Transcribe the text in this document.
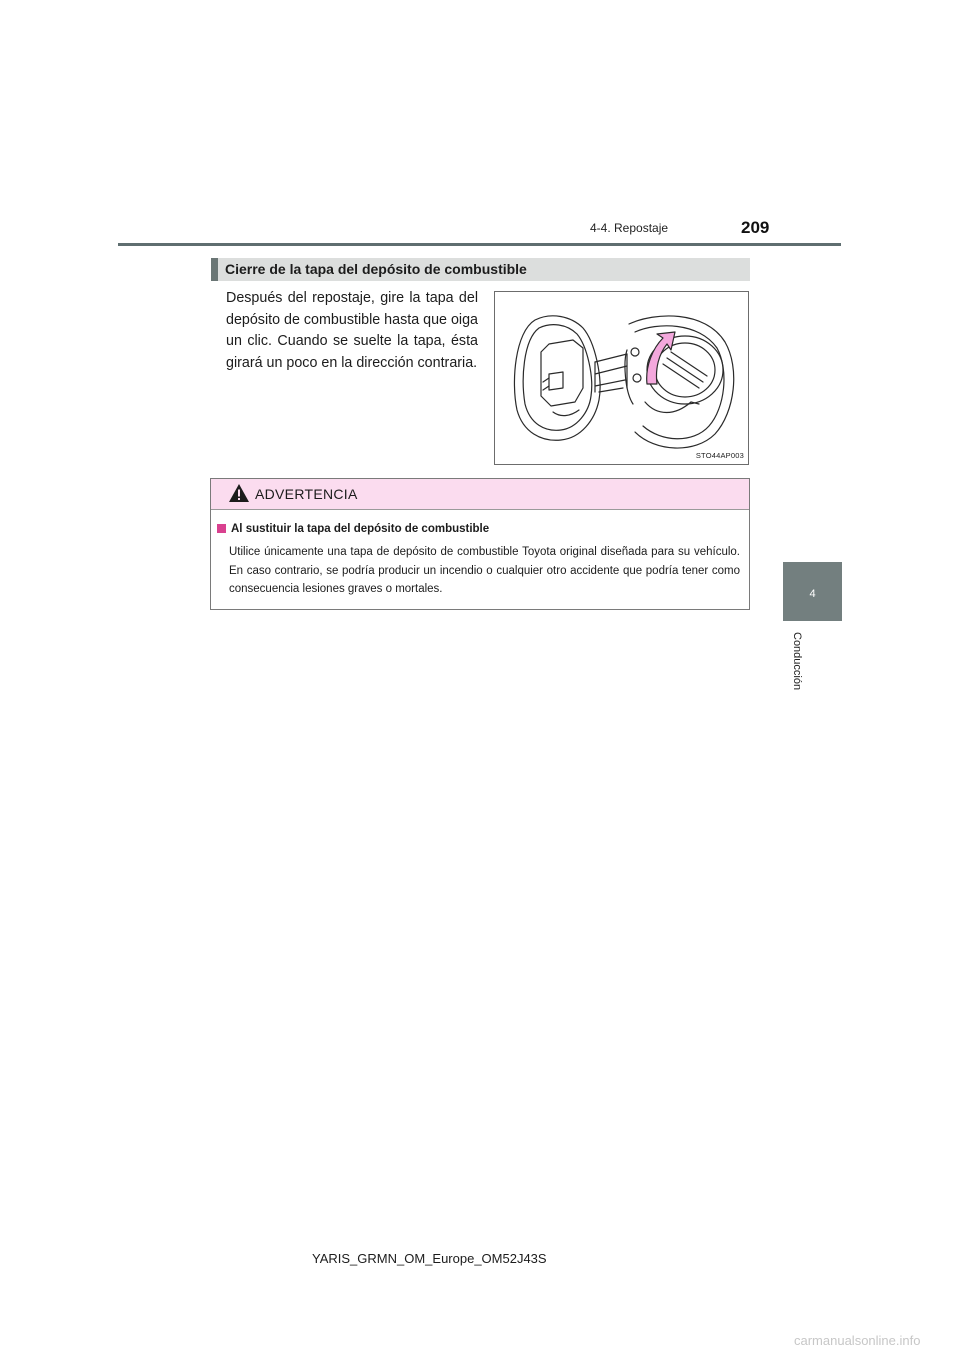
4-4. Repostaje	209
4
Conducción
Cierre de la tapa del depósito de combustible
Después del repostaje, gire la tapa del depósito de combustible hasta que oiga un clic. Cuando se suelte la tapa, ésta girará un poco en la dirección contraria.
STO44AP003
ADVERTENCIA
Al sustituir la tapa del depósito de combustible
Utilice únicamente una tapa de depósito de combustible Toyota original diseñada para su vehículo. En caso contrario, se podría producir un incendio o cualquier otro accidente que podría tener como consecuencia lesiones graves o mortales.
YARIS_GRMN_OM_Europe_OM52J43S
carmanualsonline.info
